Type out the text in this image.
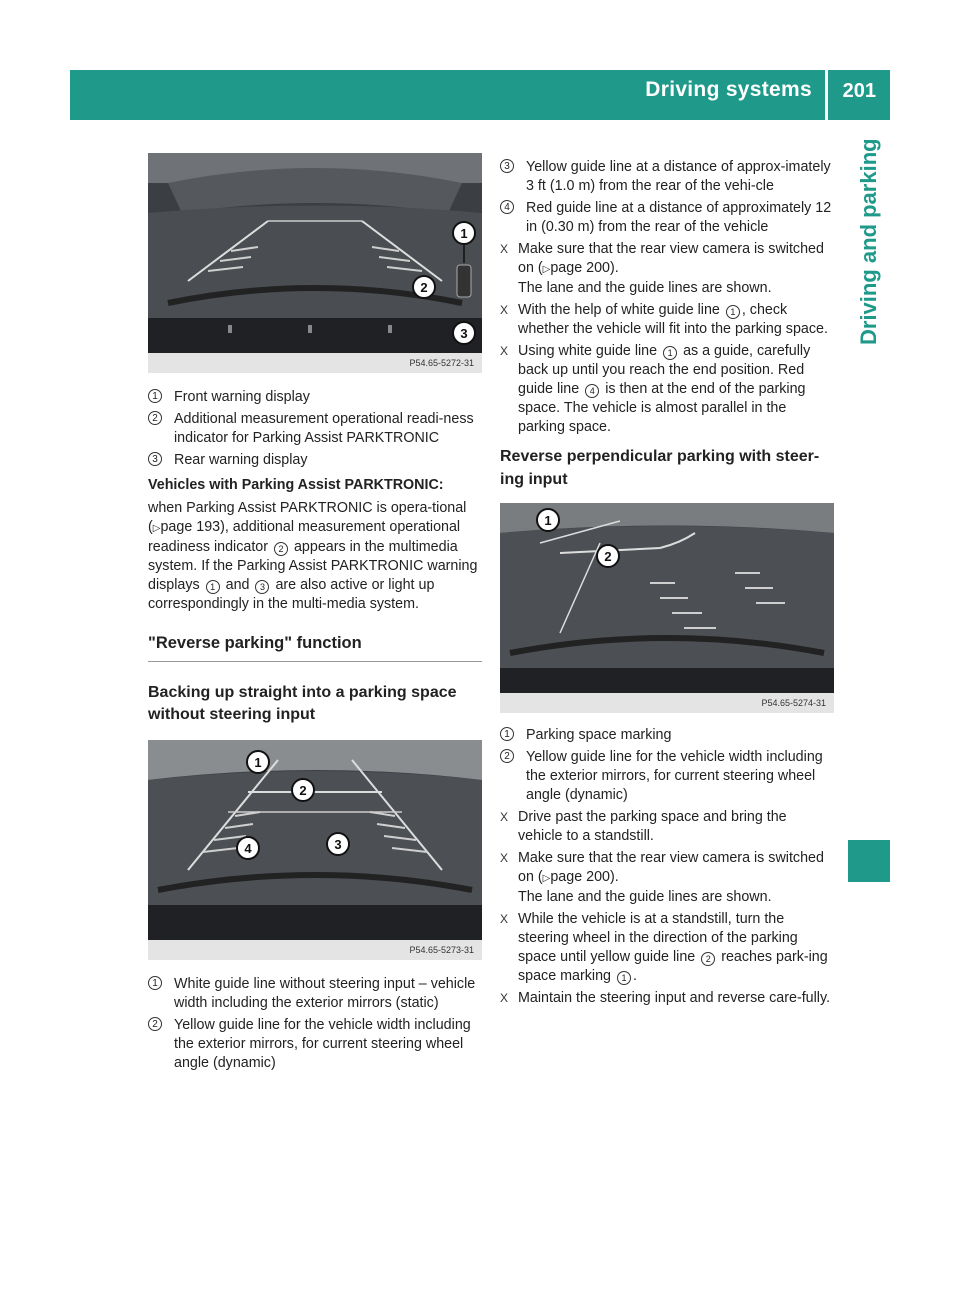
Driving systems 201
Driving and parking
1
2
3
P54.65-5272-31
1 Front warning display
2 Additional measurement operational readi-ness indicator for Parking Assist PARKTRONIC
3 Rear warning display
Vehicles with Parking Assist PARKTRONIC:
when Parking Assist PARKTRONIC is opera-tional (▷page 193), additional measurement operational readiness indicator 2 appears in the multimedia system. If the Parking Assist PARKTRONIC warning displays 1 and 3 are also active or light up correspondingly in the multi-media system.
"Reverse parking" function
Backing up straight into a parking space without steering input
1
2
3
4
P54.65-5273-31
1 White guide line without steering input – vehicle width including the exterior mirrors (static)
2 Yellow guide line for the vehicle width including the exterior mirrors, for current steering wheel angle (dynamic)
3 Yellow guide line at a distance of approx-imately 3 ft (1.0 m) from the rear of the vehi-cle
4 Red guide line at a distance of approximately 12 in (0.30 m) from the rear of the vehicle
X Make sure that the rear view camera is switched on (▷page 200).
The lane and the guide lines are shown.
X With the help of white guide line 1 , check whether the vehicle will fit into the parking space.
X Using white guide line 1 as a guide, carefully back up until you reach the end position. Red guide line 4 is then at the end of the parking space. The vehicle is almost parallel in the parking space.
Reverse perpendicular parking with steer-ing input
1
2
P54.65-5274-31
1 Parking space marking
2 Yellow guide line for the vehicle width including the exterior mirrors, for current steering wheel angle (dynamic)
X Drive past the parking space and bring the vehicle to a standstill.
X Make sure that the rear view camera is switched on (▷page 200).
The lane and the guide lines are shown.
X While the vehicle is at a standstill, turn the steering wheel in the direction of the parking space until yellow guide line 2 reaches park-ing space marking 1 .
X Maintain the steering input and reverse care-fully.
